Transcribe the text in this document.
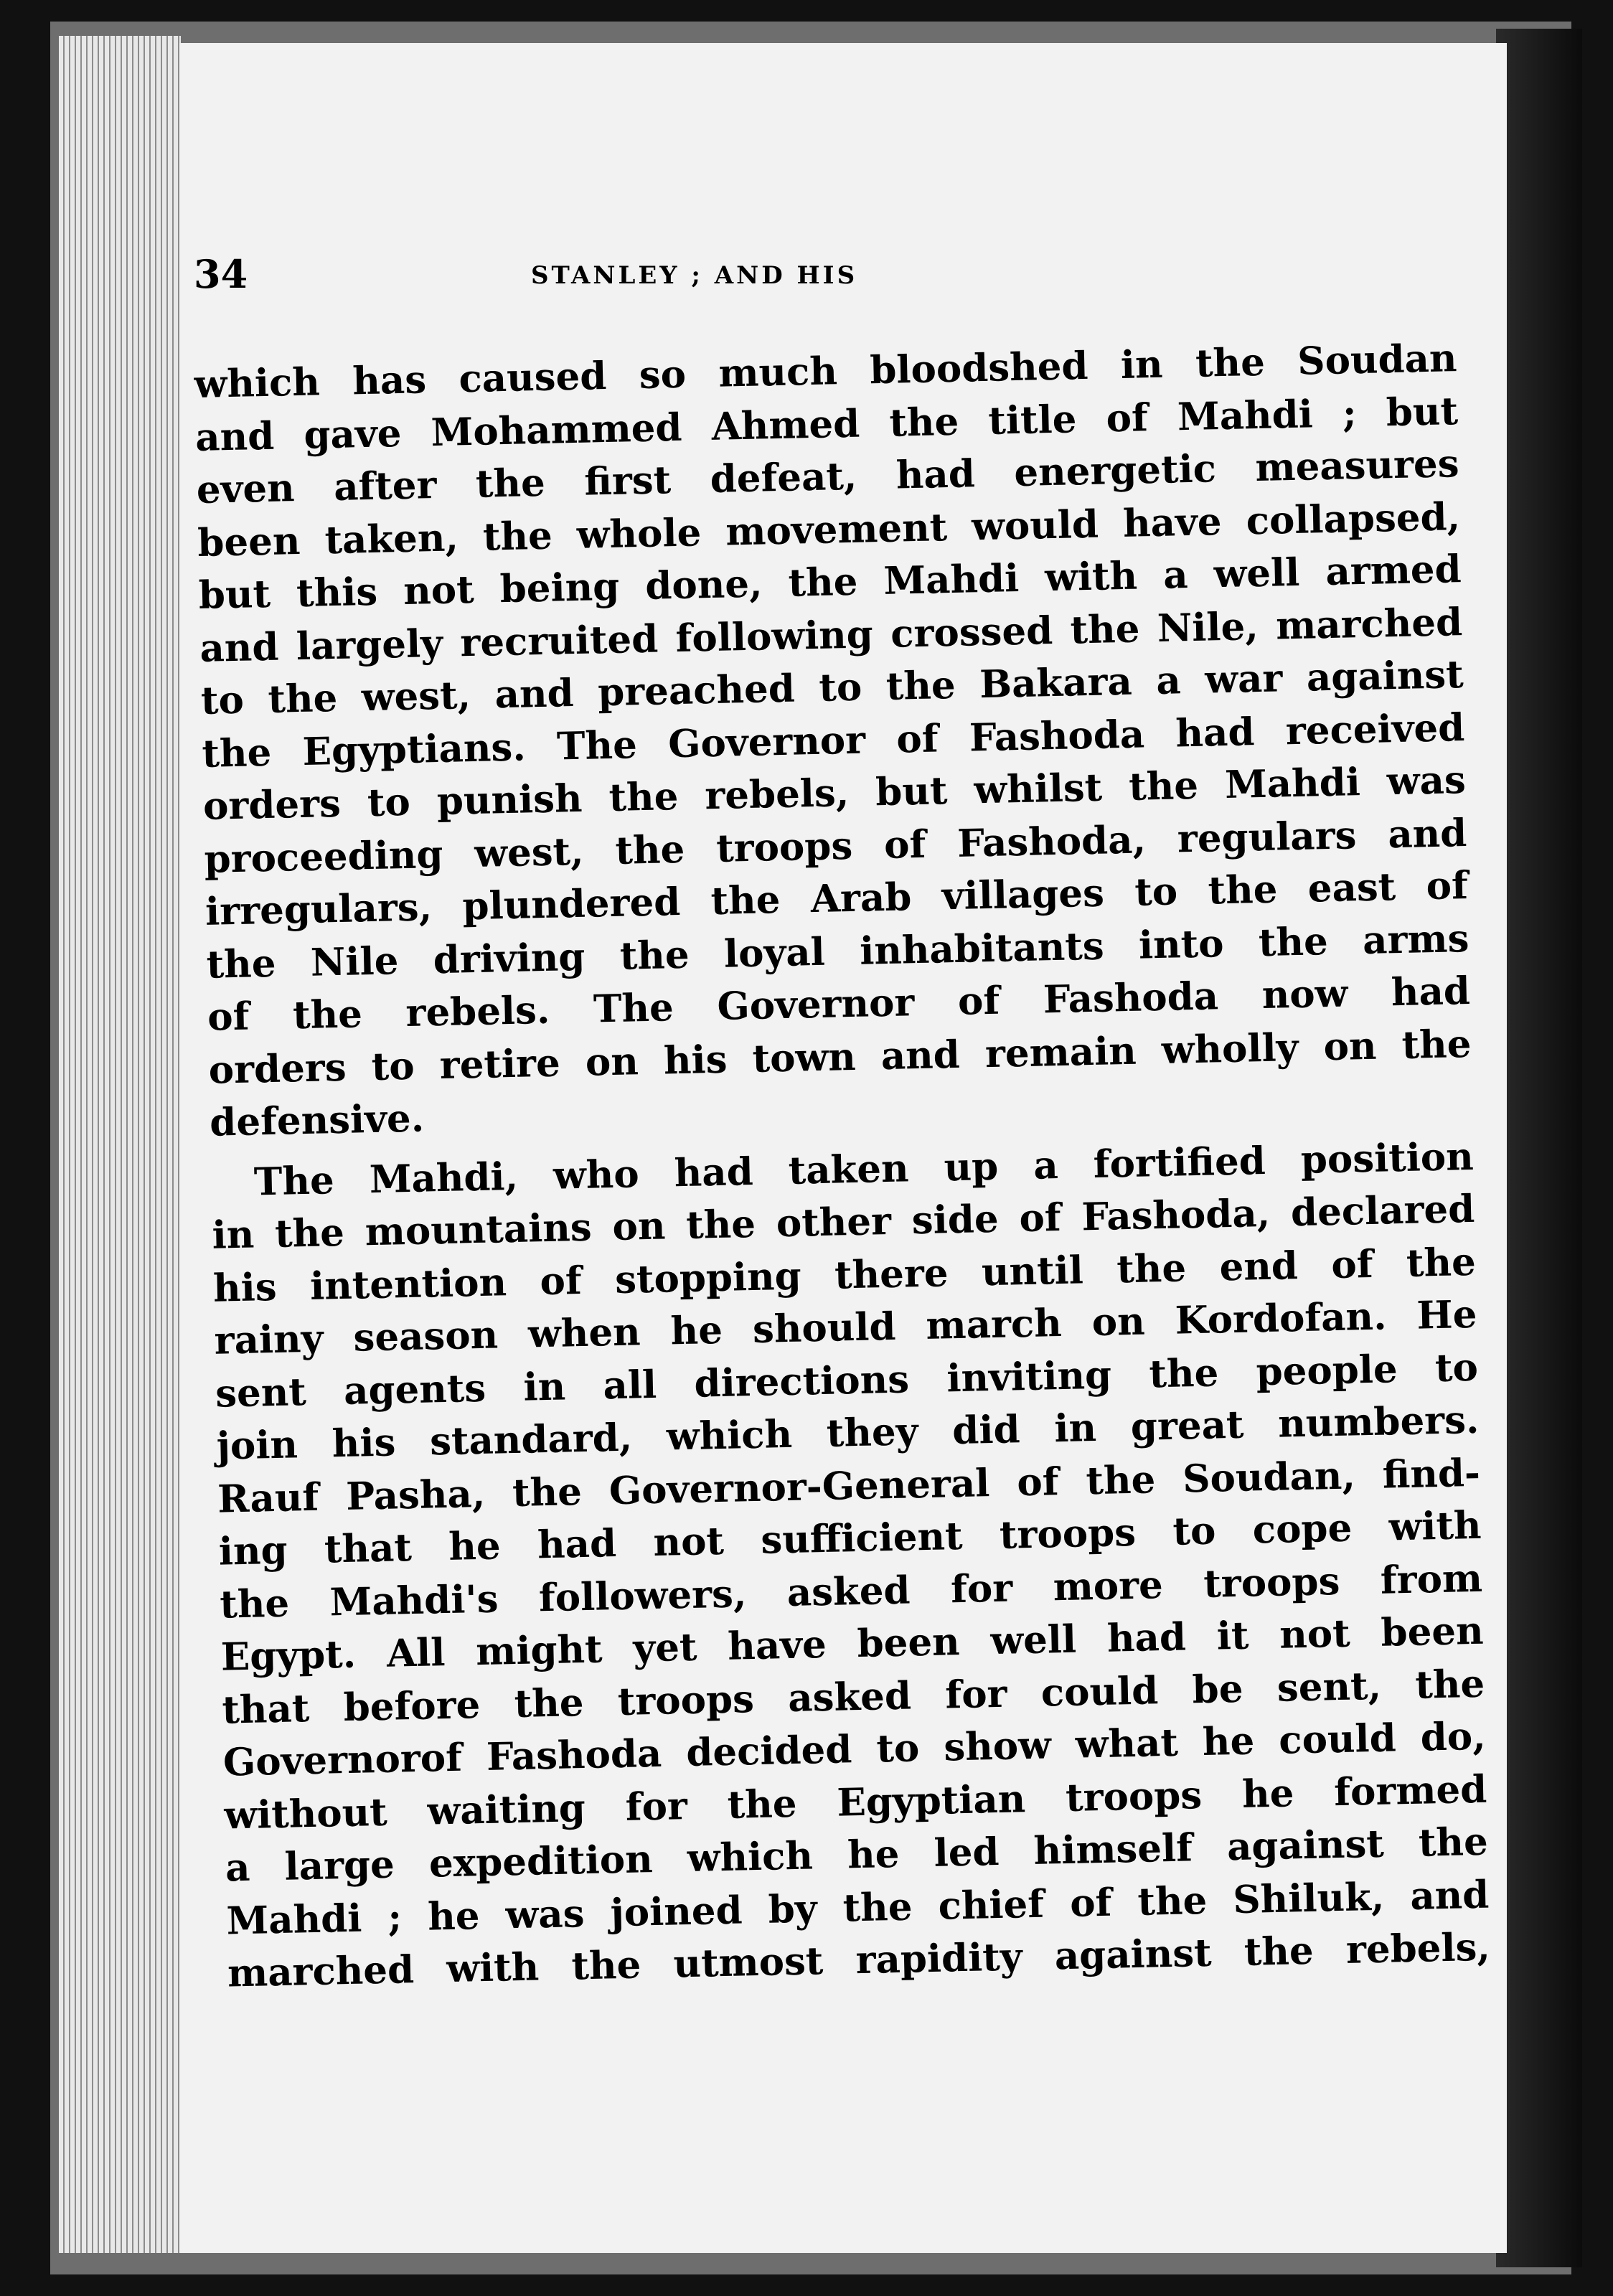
34	STANLEY ; AND HIS
which has caused so much bloodshed in the Soudan
and gave Mohammed Ahmed the title of Mahdi ; but
even after the first defeat, had energetic measures
been taken, the whole movement would have collapsed,
but this not being done, the Mahdi with a well armed
and largely recruited following crossed the Nile, marched
to the west, and preached to the Bakara a war against
the Egyptians. The Governor of Fashoda had received
orders to punish the rebels, but whilst the Mahdi was
proceeding west, the troops of Fashoda, regulars and
irregulars, plundered the Arab villages to the east of
the Nile driving the loyal inhabitants into the arms
of the rebels. The Governor of Fashoda now had
orders to retire on his town and remain wholly on the
defensive.
The Mahdi, who had taken up a fortified position
in the mountains on the other side of Fashoda, declared
his intention of stopping there until the end of the
rainy season when he should march on Kordofan. He
sent agents in all directions inviting the people to
join his standard, which they did in great numbers.
Rauf Pasha, the Governor-General of the Soudan, find-
ing that he had not sufficient troops to cope with
the Mahdi's followers, asked for more troops from
Egypt. All might yet have been well had it not been
that before the troops asked for could be sent, the
Governorof Fashoda decided to show what he could do,
without waiting for the Egyptian troops he formed
a large expedition which he led himself against the
Mahdi ; he was joined by the chief of the Shiluk, and
marched with the utmost rapidity against the rebels,
